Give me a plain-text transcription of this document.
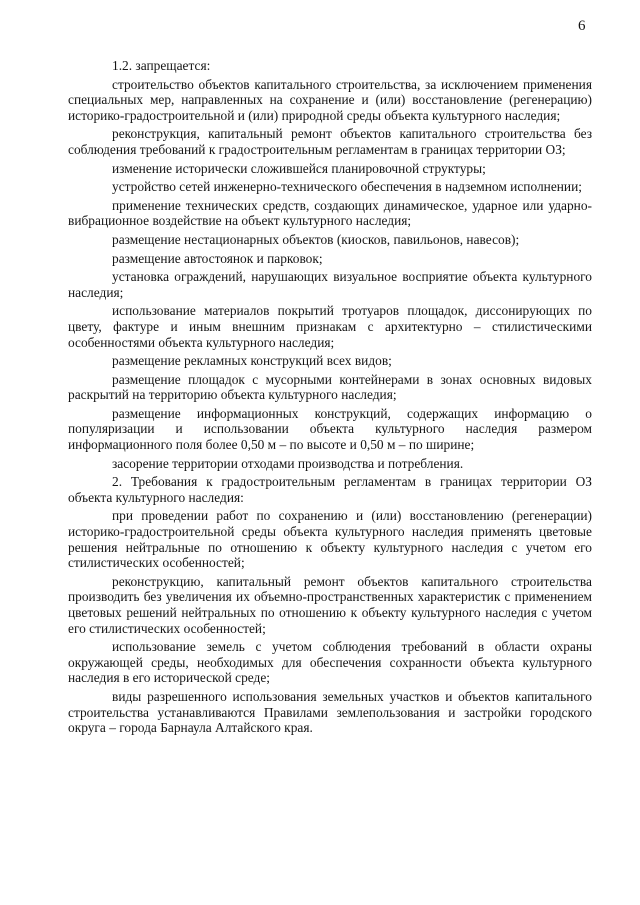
6

1.2. запрещается:

строительство объектов капитального строительства, за исключением применения специальных мер, направленных на сохранение и (или) восстановление (регенерацию) историко-градостроительной и (или) природной среды объекта культурного наследия;

реконструкция, капитальный ремонт объектов капитального строительства без соблюдения требований к градостроительным регламентам в границах территории ОЗ;

изменение исторически сложившейся планировочной структуры;

устройство сетей инженерно-технического обеспечения в надземном исполнении;

применение технических средств, создающих динамическое, ударное или ударно-вибрационное воздействие на объект культурного наследия;

размещение нестационарных объектов (киосков, павильонов, навесов);

размещение автостоянок и парковок;

установка ограждений, нарушающих визуальное восприятие объекта культурного наследия;

использование материалов покрытий тротуаров площадок, диссонирующих по цвету, фактуре и иным внешним признакам с архитектурно – стилистическими особенностями объекта культурного наследия;

размещение рекламных конструкций всех видов;

размещение площадок с мусорными контейнерами в зонах основных видовых раскрытий на территорию объекта культурного наследия;

размещение информационных конструкций, содержащих информацию о популяризации и использовании объекта культурного наследия размером информационного поля более 0,50 м – по высоте и 0,50 м – по ширине;

засорение территории отходами производства и потребления.

2. Требования к градостроительным регламентам в границах территории ОЗ объекта культурного наследия:

при проведении работ по сохранению и (или) восстановлению (регенерации) историко-градостроительной среды объекта культурного наследия применять цветовые решения нейтральные по отношению к объекту культурного наследия с учетом его стилистических особенностей;

реконструкцию, капитальный ремонт объектов капитального строительства производить без увеличения их объемно-пространственных характеристик с применением цветовых решений нейтральных по отношению к объекту культурного наследия с учетом его стилистических особенностей;

использование земель с учетом соблюдения требований в области охраны окружающей среды, необходимых для обеспечения сохранности объекта культурного наследия в его исторической среде;

виды разрешенного использования земельных участков и объектов капитального строительства устанавливаются Правилами землепользования и застройки городского округа – города Барнаула Алтайского края.
